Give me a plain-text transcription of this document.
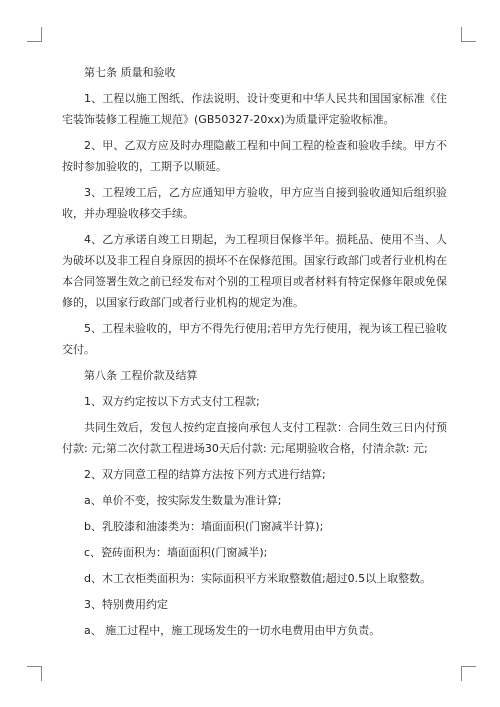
第七条 质量和验收

1、工程以施工图纸、作法说明、设计变更和中华人民共和国国家标准《住宅装饰装修工程施工规范》(GB50327-20xx)为质量评定验收标准。

2、甲、乙双方应及时办理隐蔽工程和中间工程的检查和验收手续。甲方不按时参加验收的，工期予以顺延。

3、工程竣工后，乙方应通知甲方验收，甲方应当自接到验收通知后组织验收，并办理验收移交手续。

4、乙方承诺自竣工日期起，为工程项目保修半年。损耗品、使用不当、人为破坏以及非工程自身原因的损坏不在保修范围。国家行政部门或者行业机构在本合同签署生效之前已经发布对个别的工程项目或者材料有特定保修年限或免保修的，以国家行政部门或者行业机构的规定为准。

5、工程未验收的，甲方不得先行使用;若甲方先行使用，视为该工程已验收交付。

第八条 工程价款及结算

1、双方约定按以下方式支付工程款;

共同生效后，发包人按约定直接向承包人支付工程款：合同生效三日内付预付款: 元;第二次付款工程进场30天后付款: 元;尾期验收合格，付清余款: 元;

2、双方同意工程的结算方法按下列方式进行结算;

a、单价不变，按实际发生数量为准计算;

b、乳胶漆和油漆类为：墙面面积(门窗减半计算);

c、瓷砖面积为：墙面面积(门窗减半);

d、木工衣柜类面积为：实际面积平方米取整数值;超过0.5以上取整数。

3、特别费用约定

a、 施工过程中，施工现场发生的一切水电费用由甲方负责。
